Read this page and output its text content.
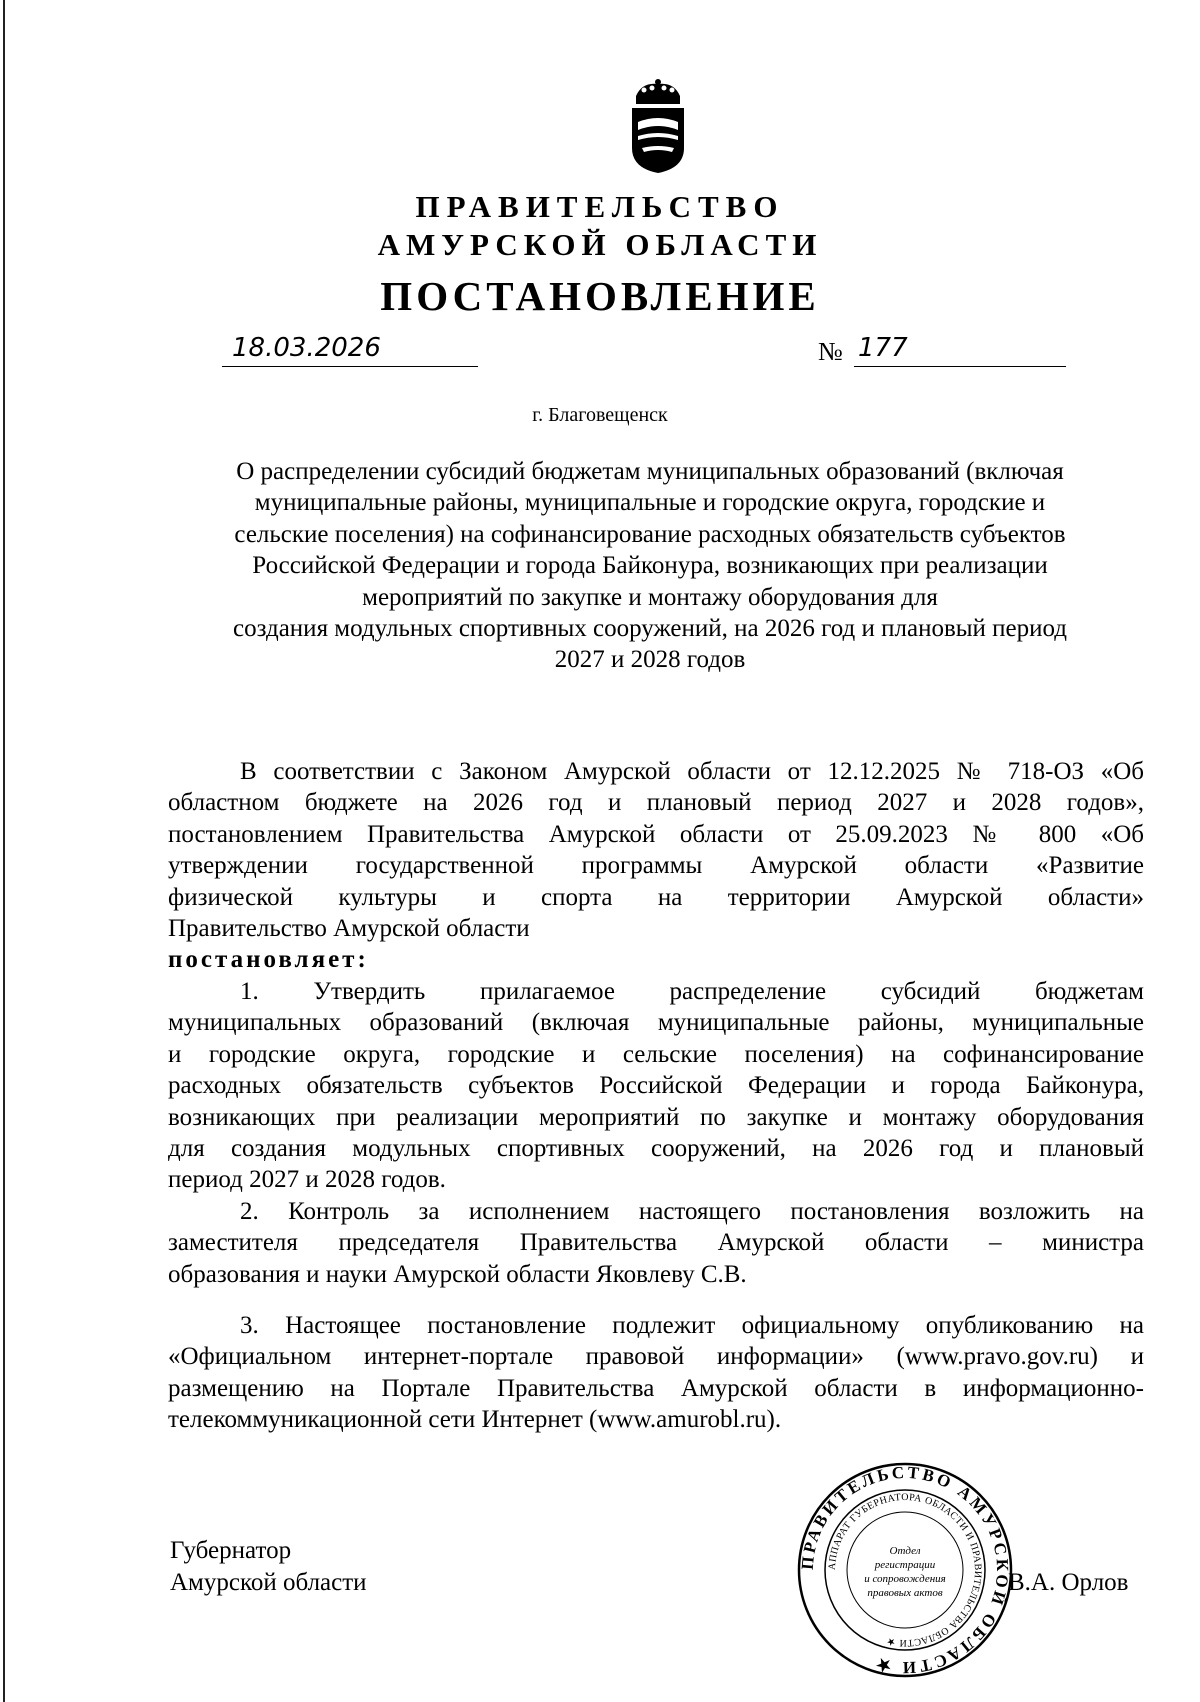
ПРАВИТЕЛЬСТВО
АМУРСКОЙ ОБЛАСТИ
ПОСТАНОВЛЕНИЕ
18.03.2026	№ 177
г. Благовещенск
О распределении субсидий бюджетам муниципальных образований (включая
муниципальные районы, муниципальные и городские округа, городские и
сельские поселения) на софинансирование расходных обязательств субъектов
Российской Федерации и города Байконура, возникающих при реализации
мероприятий по закупке и монтажу оборудования для
создания модульных спортивных сооружений, на 2026 год и плановый период
2027 и 2028 годов
В соответствии с Законом Амурской области от 12.12.2025 № 718-ОЗ «Об
областном бюджете на 2026 год и плановый период 2027 и 2028 годов»,
постановлением Правительства Амурской области от 25.09.2023 № 800 «Об
утверждении государственной программы Амурской области «Развитие
физической культуры и спорта на территории Амурской области»
Правительство Амурской области
постановляет:
1. Утвердить прилагаемое распределение субсидий бюджетам
муниципальных образований (включая муниципальные районы, муниципальные
и городские округа, городские и сельские поселения) на софинансирование
расходных обязательств субъектов Российской Федерации и города Байконура,
возникающих при реализации мероприятий по закупке и монтажу оборудования
для создания модульных спортивных сооружений, на 2026 год и плановый
период 2027 и 2028 годов.
2. Контроль за исполнением настоящего постановления возложить на
заместителя председателя Правительства Амурской области – министра
образования и науки Амурской области Яковлеву С.В.
3. Настоящее постановление подлежит официальному опубликованию на
«Официальном интернет-портале правовой информации» (www.pravo.gov.ru) и
размещению на Портале Правительства Амурской области в информационно-
телекоммуникационной сети Интернет (www.amurobl.ru).
Губернатор
Амурской области	В.А. Орлов
ПРАВИТЕЛЬСТВО АМУРСКОЙ ОБЛАСТИ ★
АППАРАТ ГУБЕРНАТОРА ОБЛАСТИ И ПРАВИТЕЛЬСТВА ОБЛАСТИ ★
Отдел
регистрации
и сопровождения
правовых актов
